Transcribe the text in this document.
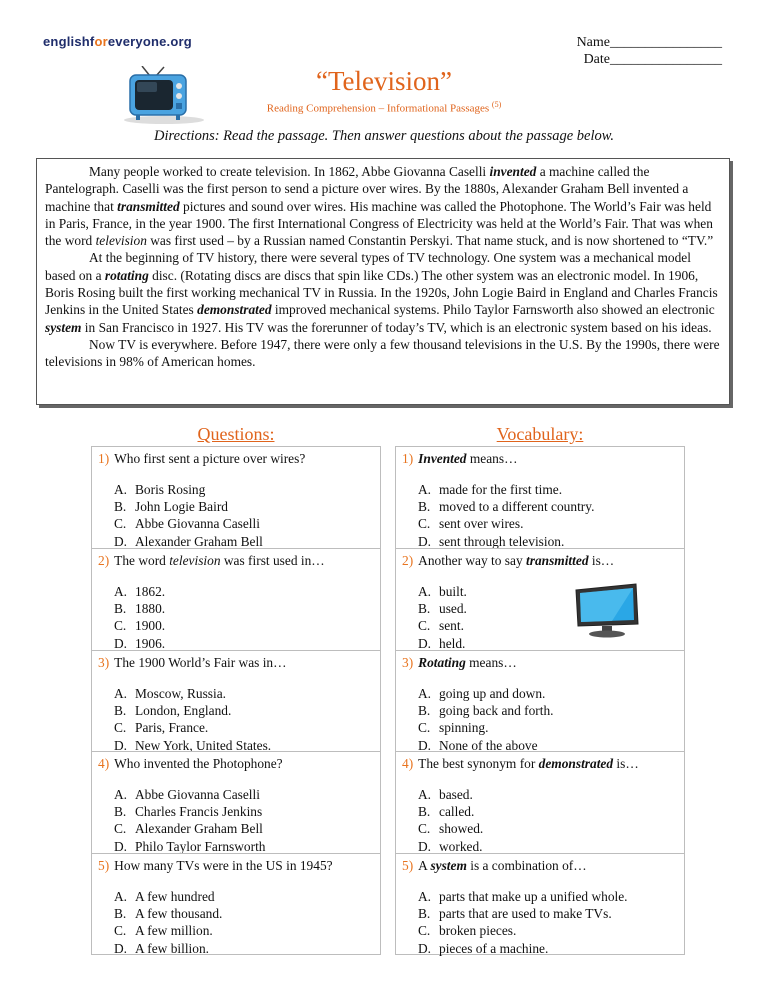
englishforeveryone.org	Name________________
Date________________
“Television”
Reading Comprehension – Informational Passages $^{(5)}$
Directions: Read the passage. Then answer questions about the passage below.

Many people worked to create television. In 1862, Abbe Giovanna Caselli invented a machine called the Pantelograph. Caselli was the first person to send a picture over wires. By the 1880s, Alexander Graham Bell invented a machine that transmitted pictures and sound over wires. His machine was called the Photophone. The World’s Fair was held in Paris, France, in the year 1900. The first International Congress of Electricity was held at the World’s Fair. That was when the word television was first used – by a Russian named Constantin Perskyi. That name stuck, and is now shortened to “TV.”

At the beginning of TV history, there were several types of TV technology. One system was a mechanical model based on a rotating disc. (Rotating discs are discs that spin like CDs.) The other system was an electronic model. In 1906, Boris Rosing built the first working mechanical TV in Russia. In the 1920s, John Logie Baird in England and Charles Francis Jenkins in the United States demonstrated improved mechanical systems. Philo Taylor Farnsworth also showed an electronic system in San Francisco in 1927. His TV was the forerunner of today’s TV, which is an electronic system based on his ideas.

Now TV is everywhere. Before 1947, there were only a few thousand televisions in the U.S. By the 1990s, there were televisions in 98% of American homes.

Questions:	Vocabulary:
1) Who first sent a picture over wires?
A. Boris Rosing
B. John Logie Baird
C. Abbe Giovanna Caselli
D. Alexander Graham Bell
2) The word television was first used in…
A. 1862.
B. 1880.
C. 1900.
D. 1906.
3) The 1900 World’s Fair was in…
A. Moscow, Russia.
B. London, England.
C. Paris, France.
D. New York, United States.
4) Who invented the Photophone?
A. Abbe Giovanna Caselli
B. Charles Francis Jenkins
C. Alexander Graham Bell
D. Philo Taylor Farnsworth
5) How many TVs were in the US in 1945?
A. A few hundred
B. A few thousand.
C. A few million.
D. A few billion.
1) Invented means…
A. made for the first time.
B. moved to a different country.
C. sent over wires.
D. sent through television.
2) Another way to say transmitted is…
A. built.
B. used.
C. sent.
D. held.
3) Rotating means…
A. going up and down.
B. going back and forth.
C. spinning.
D. None of the above
4) The best synonym for demonstrated is…
A. based.
B. called.
C. showed.
D. worked.
5) A system is a combination of…
A. parts that make up a unified whole.
B. parts that are used to make TVs.
C. broken pieces.
D. pieces of a machine.
